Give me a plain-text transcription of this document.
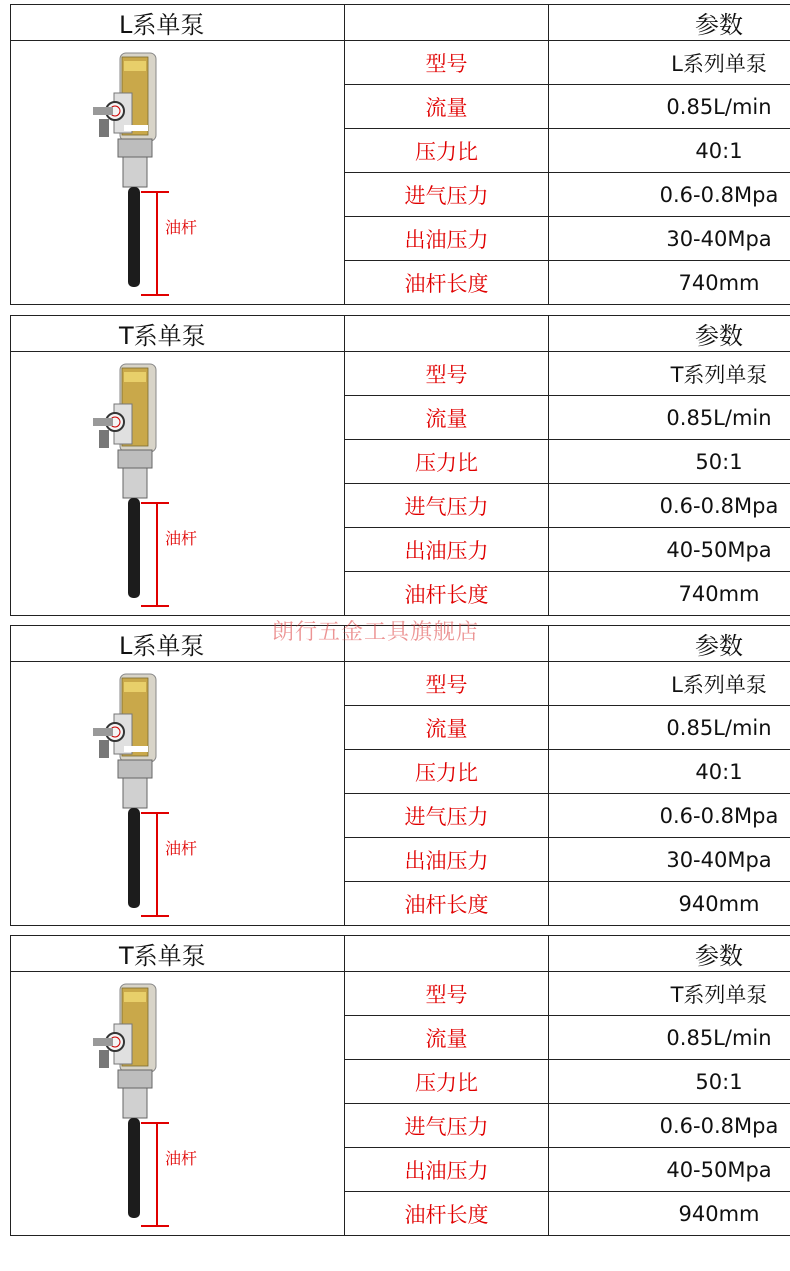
L系单泵		参数

油杆	型号	L系列单泵
	流量	0.85L/min
	压力比	40:1
	进气压力	0.6-0.8Mpa
	出油压力	30-40Mpa
	油杆长度	740mm
T系单泵		参数

油杆	型号	T系列单泵
	流量	0.85L/min
	压力比	50:1
	进气压力	0.6-0.8Mpa
	出油压力	40-50Mpa
	油杆长度	740mm
L系单泵		参数

油杆	型号	L系列单泵
	流量	0.85L/min
	压力比	40:1
	进气压力	0.6-0.8Mpa
	出油压力	30-40Mpa
	油杆长度	940mm
T系单泵		参数

油杆	型号	T系列单泵
	流量	0.85L/min
	压力比	50:1
	进气压力	0.6-0.8Mpa
	出油压力	40-50Mpa
	油杆长度	940mm
朗行五金工具旗舰店
